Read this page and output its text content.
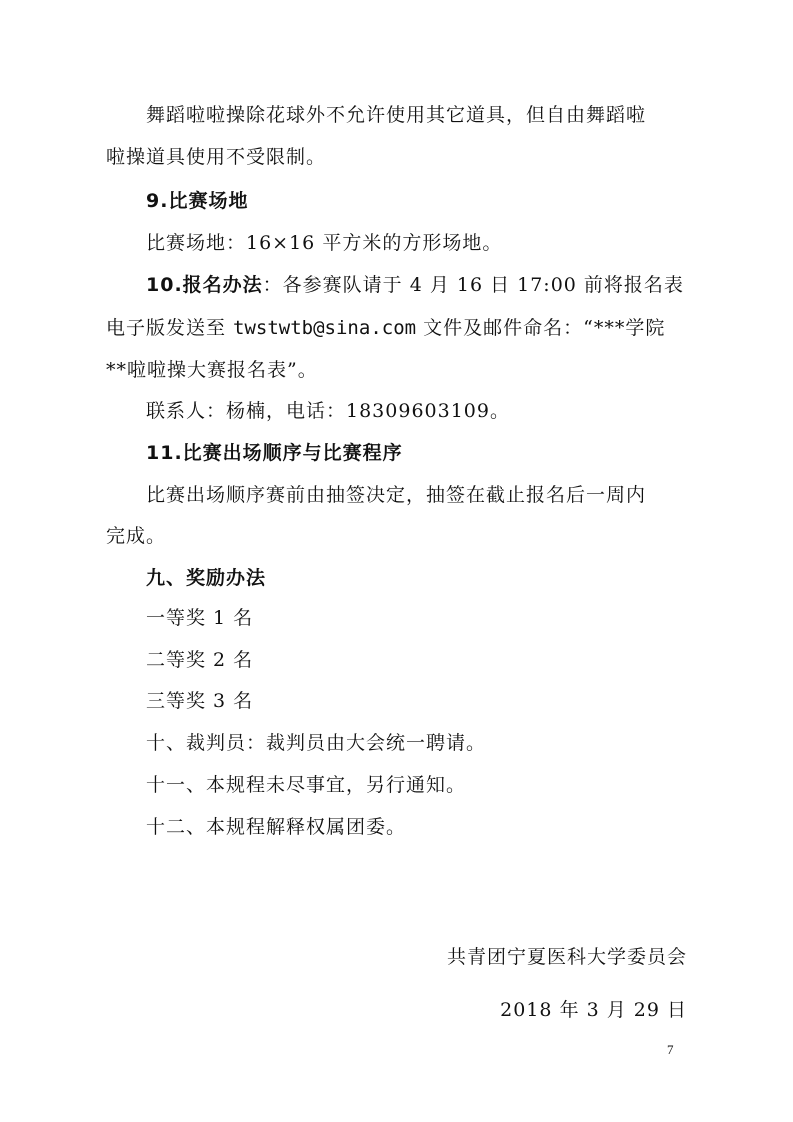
舞蹈啦啦操除花球外不允许使用其它道具，但自由舞蹈啦
啦操道具使用不受限制。
9.比赛场地
比赛场地：16×16 平方米的方形场地。
10.报名办法：各参赛队请于 4 月 16 日 17:00 前将报名表
电子版发送至 twstwtb@sina.com 文件及邮件命名：“***学院
**啦啦操大赛报名表”。
联系人：杨楠，电话：18309603109。
11.比赛出场顺序与比赛程序
比赛出场顺序赛前由抽签决定，抽签在截止报名后一周内
完成。
九、奖励办法
一等奖 1 名
二等奖 2 名
三等奖 3 名
十、裁判员：裁判员由大会统一聘请。
十一、本规程未尽事宜，另行通知。
十二、本规程解释权属团委。
共青团宁夏医科大学委员会
2018 年 3 月 29 日
7
